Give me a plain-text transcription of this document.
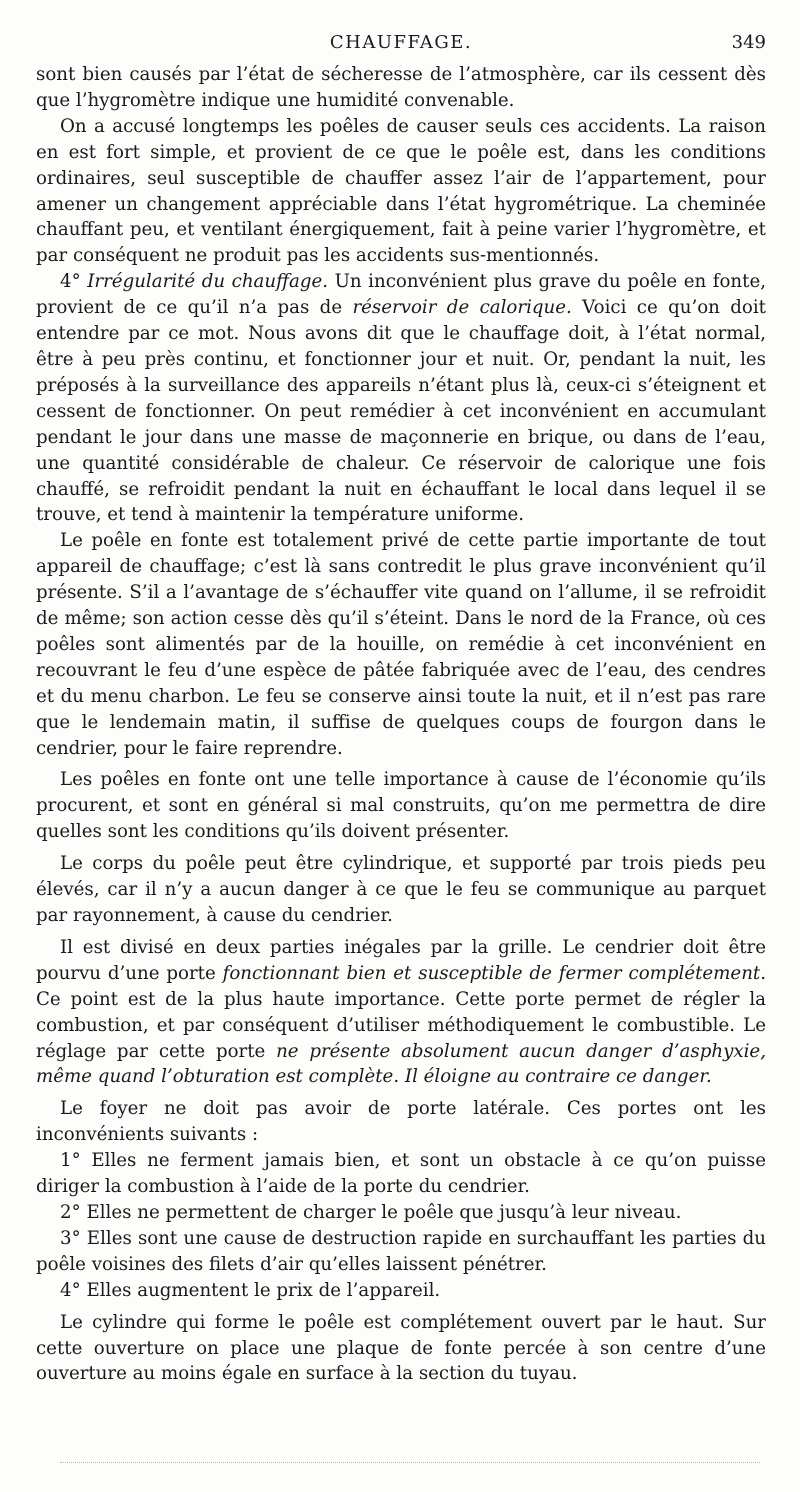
CHAUFFAGE.	349

sont bien causés par l’état de sécheresse de l’atmosphère, car ils cessent dès que l’hygromètre indique une humidité convenable.

On a accusé longtemps les poêles de causer seuls ces accidents. La raison en est fort simple, et provient de ce que le poêle est, dans les conditions ordinaires, seul susceptible de chauffer assez l’air de l’appartement, pour amener un changement appréciable dans l’état hygrométrique. La cheminée chauffant peu, et ventilant énergiquement, fait à peine varier l’hygromètre, et par conséquent ne produit pas les accidents sus-mentionnés.

4° Irrégularité du chauffage. Un inconvénient plus grave du poêle en fonte, provient de ce qu’il n’a pas de réservoir de calorique. Voici ce qu’on doit entendre par ce mot. Nous avons dit que le chauffage doit, à l’état normal, être à peu près continu, et fonctionner jour et nuit. Or, pendant la nuit, les préposés à la surveillance des appareils n’étant plus là, ceux-ci s’éteignent et cessent de fonctionner. On peut remédier à cet inconvénient en accumulant pendant le jour dans une masse de maçonnerie en brique, ou dans de l’eau, une quantité considérable de chaleur. Ce réservoir de calorique une fois chauffé, se refroidit pendant la nuit en échauffant le local dans lequel il se trouve, et tend à maintenir la température uniforme.

Le poêle en fonte est totalement privé de cette partie importante de tout appareil de chauffage; c’est là sans contredit le plus grave inconvénient qu’il présente. S’il a l’avantage de s’échauffer vite quand on l’allume, il se refroidit de même; son action cesse dès qu’il s’éteint. Dans le nord de la France, où ces poêles sont alimentés par de la houille, on remédie à cet inconvénient en recouvrant le feu d’une espèce de pâtée fabriquée avec de l’eau, des cendres et du menu charbon. Le feu se conserve ainsi toute la nuit, et il n’est pas rare que le lendemain matin, il suffise de quelques coups de fourgon dans le cendrier, pour le faire reprendre.

Les poêles en fonte ont une telle importance à cause de l’économie qu’ils procurent, et sont en général si mal construits, qu’on me permettra de dire quelles sont les conditions qu’ils doivent présenter.

Le corps du poêle peut être cylindrique, et supporté par trois pieds peu élevés, car il n’y a aucun danger à ce que le feu se communique au parquet par rayonnement, à cause du cendrier.

Il est divisé en deux parties inégales par la grille. Le cendrier doit être pourvu d’une porte fonctionnant bien et susceptible de fermer complétement. Ce point est de la plus haute importance. Cette porte permet de régler la combustion, et par conséquent d’utiliser méthodiquement le combustible. Le réglage par cette porte ne présente absolument aucun danger d’asphyxie, même quand l’obturation est complète. Il éloigne au contraire ce danger.

Le foyer ne doit pas avoir de porte latérale. Ces portes ont les inconvénients suivants :

1° Elles ne ferment jamais bien, et sont un obstacle à ce qu’on puisse diriger la combustion à l’aide de la porte du cendrier.

2° Elles ne permettent de charger le poêle que jusqu’à leur niveau.

3° Elles sont une cause de destruction rapide en surchauffant les parties du poêle voisines des filets d’air qu’elles laissent pénétrer.

4° Elles augmentent le prix de l’appareil.

Le cylindre qui forme le poêle est complétement ouvert par le haut. Sur cette ouverture on place une plaque de fonte percée à son centre d’une ouverture au moins égale en surface à la section du tuyau.
